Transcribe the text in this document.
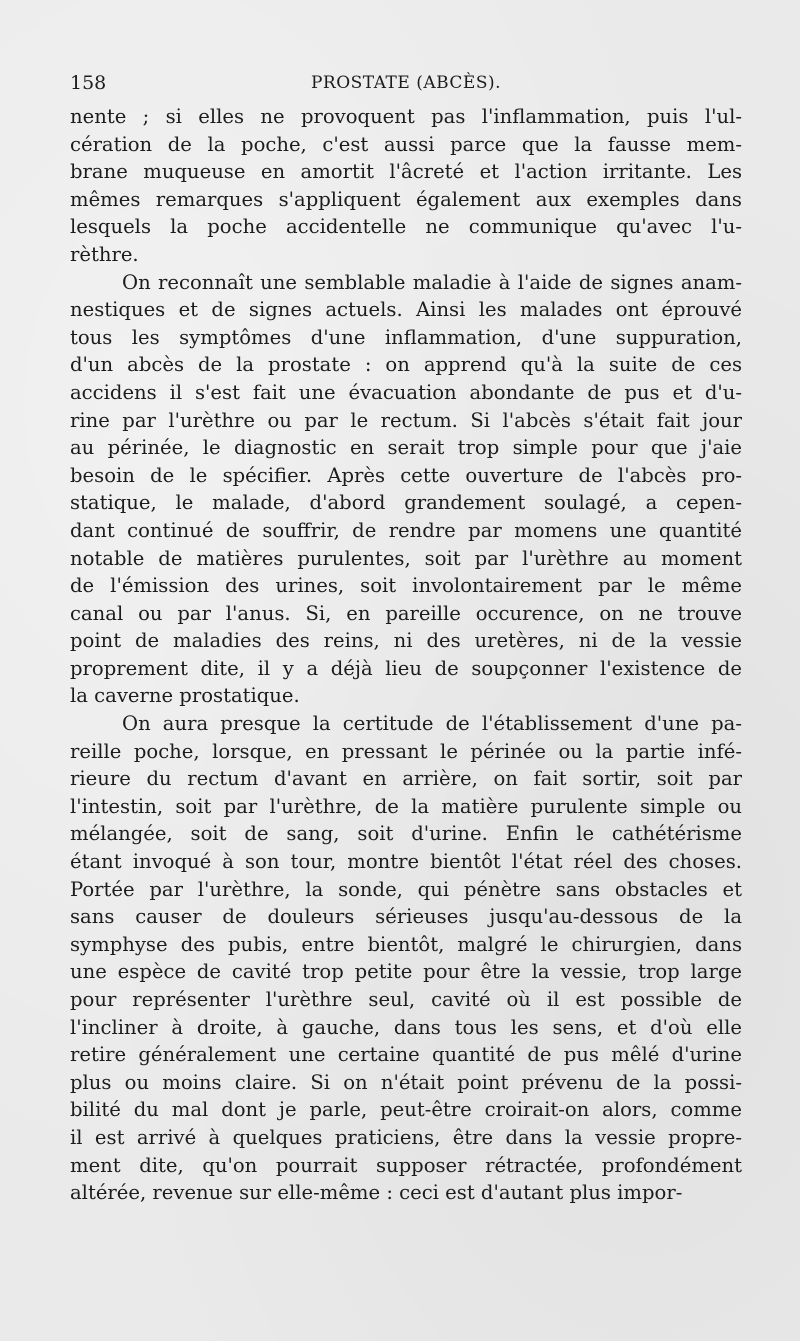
158	PROSTATE (ABCÈS).

nente ; si elles ne provoquent pas l'inflammation, puis l'ul-
cération de la poche, c'est aussi parce que la fausse mem-
brane muqueuse en amortit l'âcreté et l'action irritante. Les
mêmes remarques s'appliquent également aux exemples dans
lesquels la poche accidentelle ne communique qu'avec l'u-
rèthre.

On reconnaît une semblable maladie à l'aide de signes anam-
nestiques et de signes actuels. Ainsi les malades ont éprouvé
tous les symptômes d'une inflammation, d'une suppuration,
d'un abcès de la prostate : on apprend qu'à la suite de ces
accidens il s'est fait une évacuation abondante de pus et d'u-
rine par l'urèthre ou par le rectum. Si l'abcès s'était fait jour
au périnée, le diagnostic en serait trop simple pour que j'aie
besoin de le spécifier. Après cette ouverture de l'abcès pro-
statique, le malade, d'abord grandement soulagé, a cepen-
dant continué de souffrir, de rendre par momens une quantité
notable de matières purulentes, soit par l'urèthre au moment
de l'émission des urines, soit involontairement par le même
canal ou par l'anus. Si, en pareille occurence, on ne trouve
point de maladies des reins, ni des uretères, ni de la vessie
proprement dite, il y a déjà lieu de soupçonner l'existence de
la caverne prostatique.

On aura presque la certitude de l'établissement d'une pa-
reille poche, lorsque, en pressant le périnée ou la partie infé-
rieure du rectum d'avant en arrière, on fait sortir, soit par
l'intestin, soit par l'urèthre, de la matière purulente simple ou
mélangée, soit de sang, soit d'urine. Enfin le cathétérisme
étant invoqué à son tour, montre bientôt l'état réel des choses.
Portée par l'urèthre, la sonde, qui pénètre sans obstacles et
sans causer de douleurs sérieuses jusqu'au-dessous de la
symphyse des pubis, entre bientôt, malgré le chirurgien, dans
une espèce de cavité trop petite pour être la vessie, trop large
pour représenter l'urèthre seul, cavité où il est possible de
l'incliner à droite, à gauche, dans tous les sens, et d'où elle
retire généralement une certaine quantité de pus mêlé d'urine
plus ou moins claire. Si on n'était point prévenu de la possi-
bilité du mal dont je parle, peut-être croirait-on alors, comme
il est arrivé à quelques praticiens, être dans la vessie propre-
ment dite, qu'on pourrait supposer rétractée, profondément
altérée, revenue sur elle-même : ceci est d'autant plus impor-
